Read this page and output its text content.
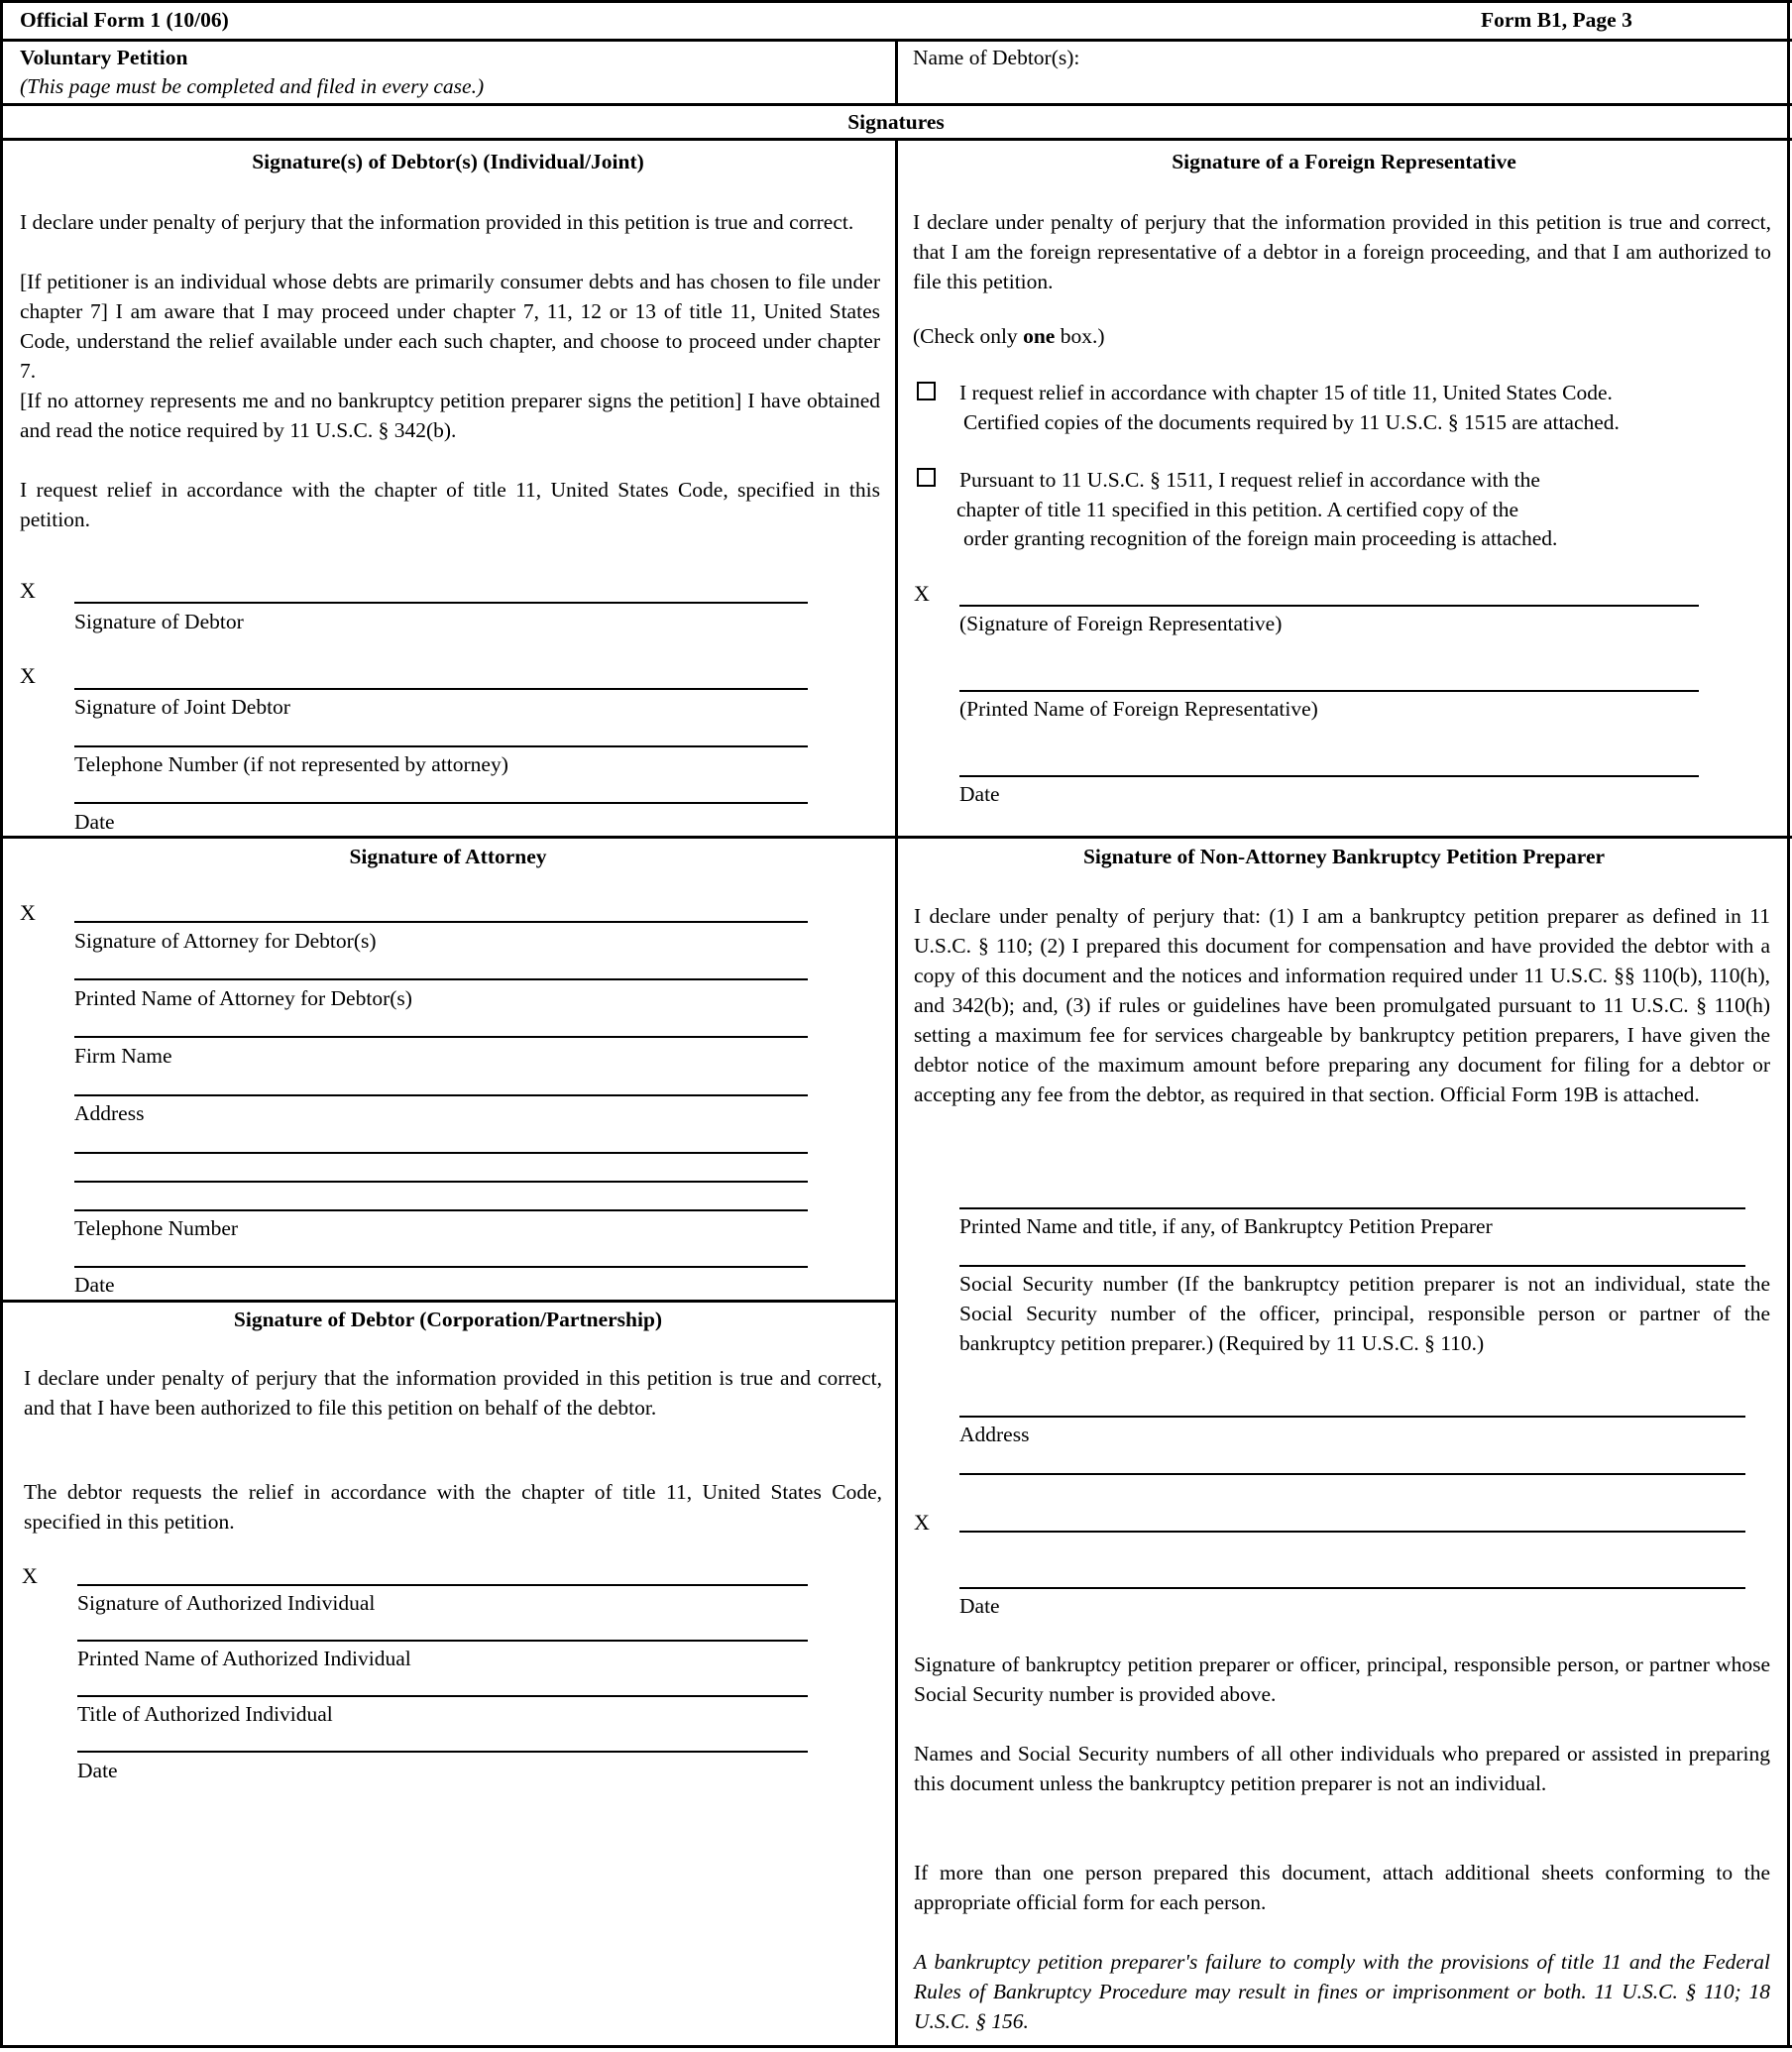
Official Form 1 (10/06)	Form B1, Page 3
Voluntary Petition
(This page must be completed and filed in every case.)
Name of Debtor(s):
Signatures
Signature(s) of Debtor(s) (Individual/Joint)
I declare under penalty of perjury that the information provided in this petition is true and correct.
[If petitioner is an individual whose debts are primarily consumer debts and has chosen to file under chapter 7] I am aware that I may proceed under chapter 7, 11, 12 or 13 of title 11, United States Code, understand the relief available under each such chapter, and choose to proceed under chapter 7.
[If no attorney represents me and no bankruptcy petition preparer signs the petition] I have obtained and read the notice required by 11 U.S.C. § 342(b).
I request relief in accordance with the chapter of title 11, United States Code, specified in this petition.
X
Signature of Debtor
X
Signature of Joint Debtor
Telephone Number (if not represented by attorney)
Date
Signature of a Foreign Representative
I declare under penalty of perjury that the information provided in this petition is true and correct, that I am the foreign representative of a debtor in a foreign proceeding, and that I am authorized to file this petition.
(Check only one box.)
I request relief in accordance with chapter 15 of title 11, United States Code.
Certified copies of the documents required by 11 U.S.C. § 1515 are attached.
Pursuant to 11 U.S.C. § 1511, I request relief in accordance with the
chapter of title 11 specified in this petition. A certified copy of the
order granting recognition of the foreign main proceeding is attached.
X
(Signature of Foreign Representative)
(Printed Name of Foreign Representative)
Date
Signature of Attorney
X
Signature of Attorney for Debtor(s)
Printed Name of Attorney for Debtor(s)
Firm Name
Address
Telephone Number
Date
Signature of Debtor (Corporation/Partnership)
I declare under penalty of perjury that the information provided in this petition is true and correct, and that I have been authorized to file this petition on behalf of the debtor.
The debtor requests the relief in accordance with the chapter of title 11, United States Code, specified in this petition.
X
Signature of Authorized Individual
Printed Name of Authorized Individual
Title of Authorized Individual
Date
Signature of Non-Attorney Bankruptcy Petition Preparer
I declare under penalty of perjury that: (1) I am a bankruptcy petition preparer as defined in 11 U.S.C. § 110; (2) I prepared this document for compensation and have provided the debtor with a copy of this document and the notices and information required under 11 U.S.C. §§ 110(b), 110(h), and 342(b); and, (3) if rules or guidelines have been promulgated pursuant to 11 U.S.C. § 110(h) setting a maximum fee for services chargeable by bankruptcy petition preparers, I have given the debtor notice of the maximum amount before preparing any document for filing for a debtor or accepting any fee from the debtor, as required in that section. Official Form 19B is attached.
Printed Name and title, if any, of Bankruptcy Petition Preparer
Social Security number (If the bankruptcy petition preparer is not an individual, state the Social Security number of the officer, principal, responsible person or partner of the bankruptcy petition preparer.) (Required by 11 U.S.C. § 110.)
Address
X
Date
Signature of bankruptcy petition preparer or officer, principal, responsible person, or partner whose Social Security number is provided above.
Names and Social Security numbers of all other individuals who prepared or assisted in preparing this document unless the bankruptcy petition preparer is not an individual.
If more than one person prepared this document, attach additional sheets conforming to the appropriate official form for each person.
A bankruptcy petition preparer's failure to comply with the provisions of title 11 and the Federal Rules of Bankruptcy Procedure may result in fines or imprisonment or both. 11 U.S.C. § 110; 18 U.S.C. § 156.
